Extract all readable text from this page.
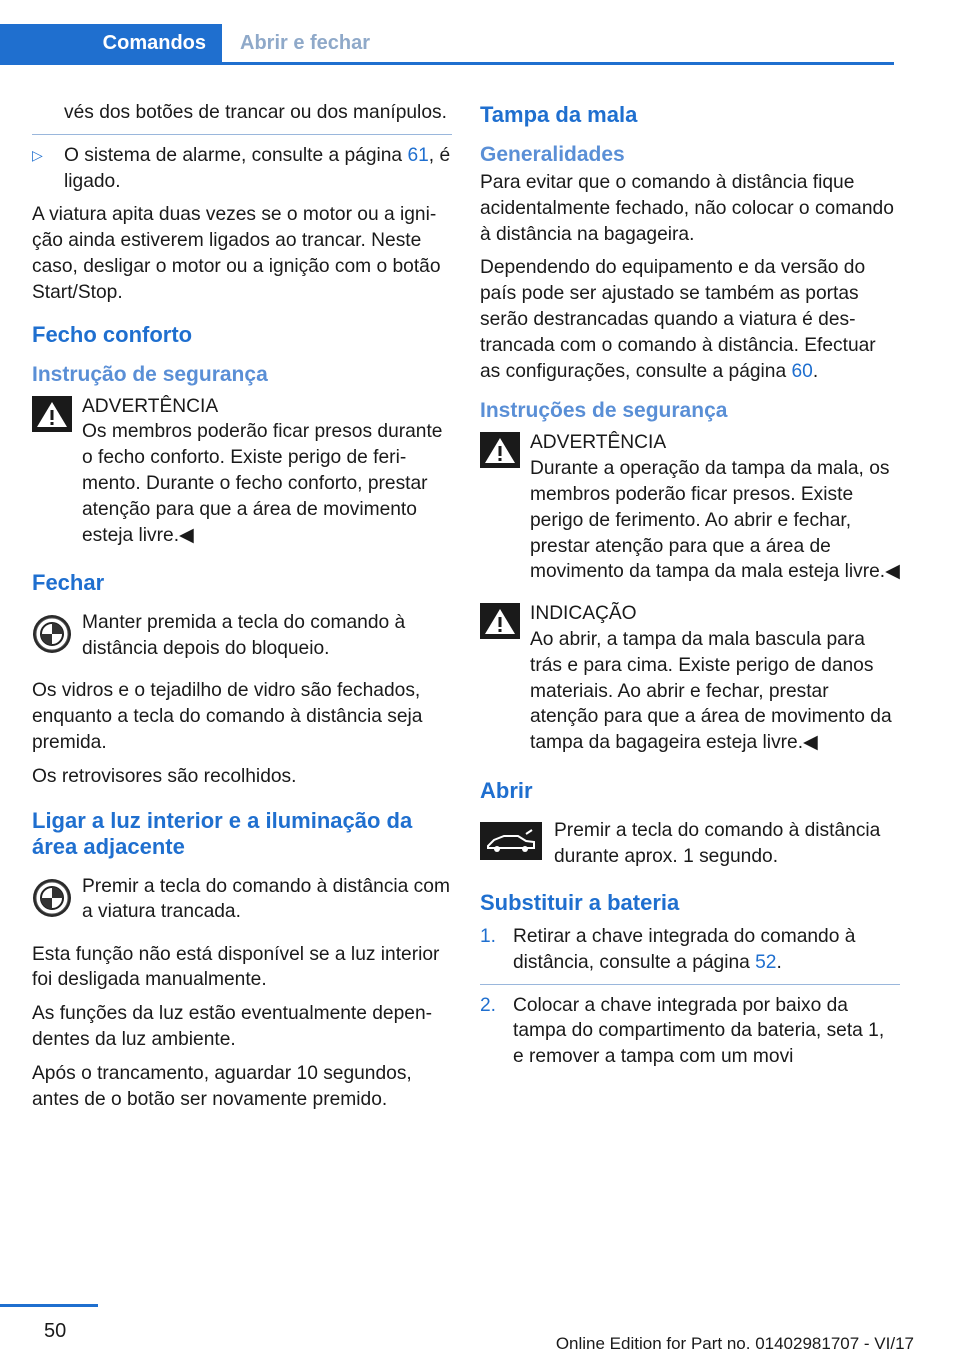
Comandos	Abrir e fechar

vés dos botões de trancar ou dos manípulos.

▷ O sistema de alarme, consulte a página 61, é ligado.

A viatura apita duas vezes se o motor ou a ignição ainda estiverem ligados ao trancar. Neste caso, desligar o motor ou a ignição com o botão Start/Stop.

Fecho conforto
Instrução de segurança
ADVERTÊNCIA

Os membros poderão ficar presos durante o fecho conforto. Existe perigo de ferimento. Durante o fecho conforto, prestar atenção para que a área de movimento esteja livre.◀

Fechar
Manter premida a tecla do comando à distância depois do bloqueio.

Os vidros e o tejadilho de vidro são fechados, enquanto a tecla do comando à distância seja premida.

Os retrovisores são recolhidos.

Ligar a luz interior e a iluminação da área adjacente
Premir a tecla do comando à distância com a viatura trancada.

Esta função não está disponível se a luz interior foi desligada manualmente.

As funções da luz estão eventualmente dependentes da luz ambiente.

Após o trancamento, aguardar 10 segundos, antes de o botão ser novamente premido.

Tampa da mala
Generalidades

Para evitar que o comando à distância fique acidentalmente fechado, não colocar o comando à distância na bagageira.

Dependendo do equipamento e da versão do país pode ser ajustado se também as portas serão destrancadas quando a viatura é destrancada com o comando à distância. Efectuar as configurações, consulte a página 60.

Instruções de segurança
ADVERTÊNCIA

Durante a operação da tampa da mala, os membros poderão ficar presos. Existe perigo de ferimento. Ao abrir e fechar, prestar atenção para que a área de movimento da tampa da mala esteja livre.◀

INDICAÇÃO

Ao abrir, a tampa da mala bascula para trás e para cima. Existe perigo de danos materiais. Ao abrir e fechar, prestar atenção para que a área de movimento da tampa da bagageira esteja livre.◀

Abrir
Premir a tecla do comando à distância durante aprox. 1 segundo.
Substituir a bateria
1. Retirar a chave integrada do comando à distância, consulte a página 52.
2. Colocar a chave integrada por baixo da tampa do compartimento da bateria, seta 1, e remover a tampa com um movi
50
Online Edition for Part no. 01402981707 - VI/17
